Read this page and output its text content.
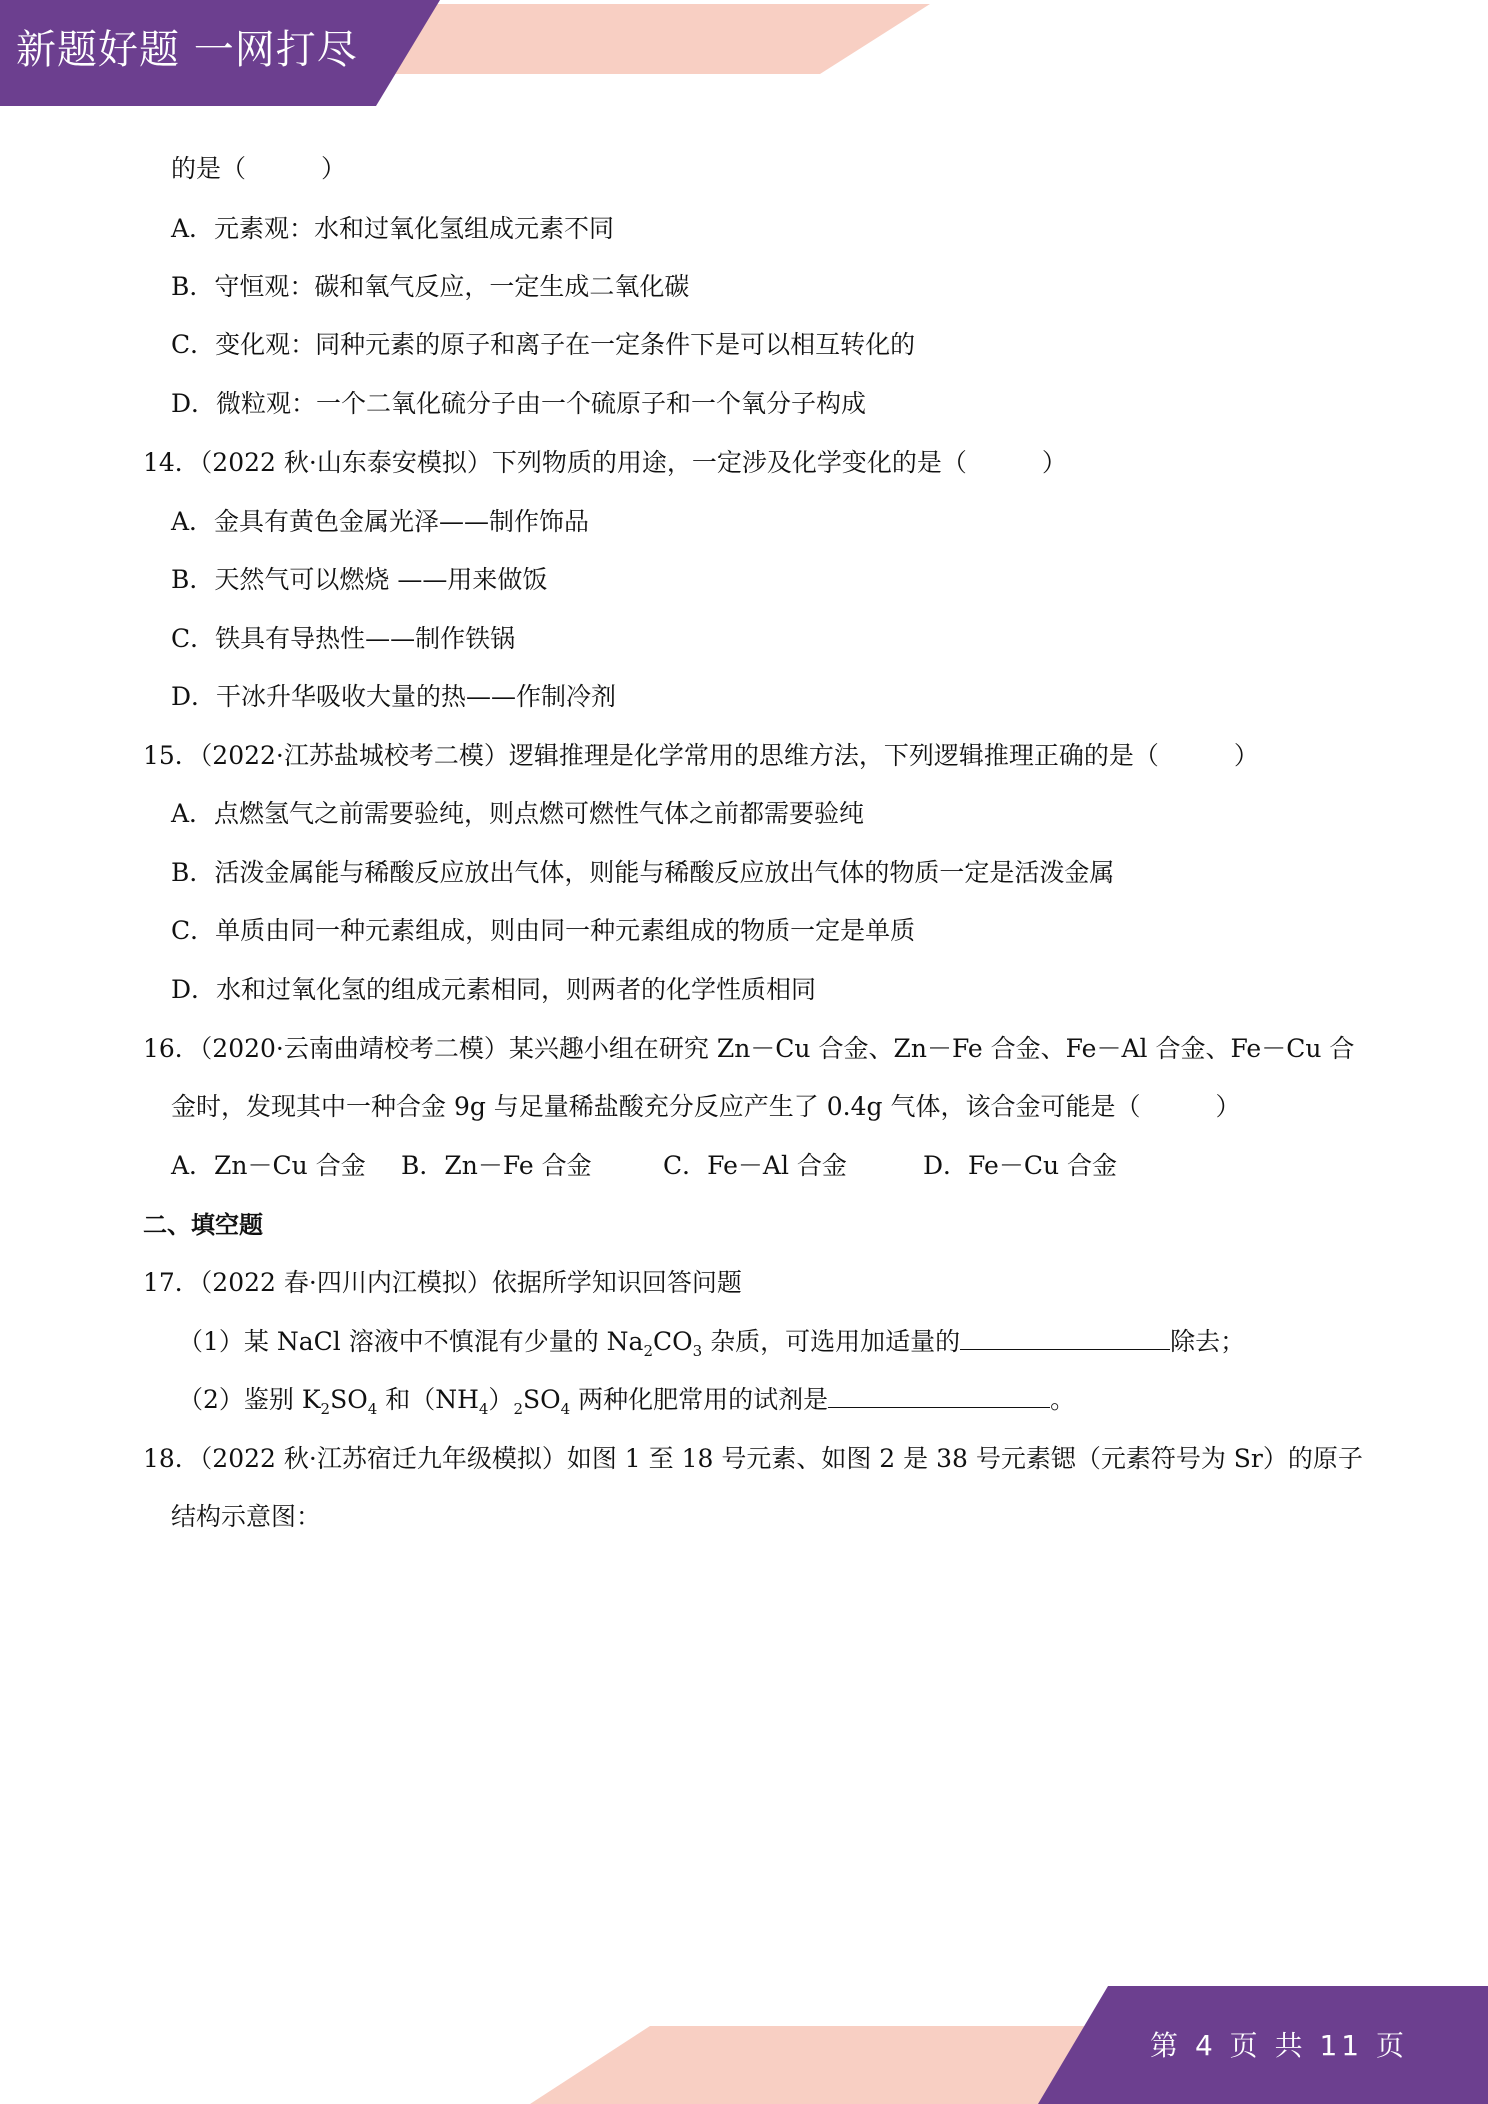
新题好题 一网打尽
的是（　　　）
A．元素观：水和过氧化氢组成元素不同
B．守恒观：碳和氧气反应，一定生成二氧化碳
C．变化观：同种元素的原子和离子在一定条件下是可以相互转化的
D．微粒观：一个二氧化硫分子由一个硫原子和一个氧分子构成
14．（2022 秋·山东泰安模拟）下列物质的用途，一定涉及化学变化的是（　　　）
A．金具有黄色金属光泽——制作饰品
B．天然气可以燃烧 ——用来做饭
C．铁具有导热性——制作铁锅
D．干冰升华吸收大量的热——作制冷剂
15．（2022·江苏盐城校考二模）逻辑推理是化学常用的思维方法，下列逻辑推理正确的是（　　　）
A．点燃氢气之前需要验纯，则点燃可燃性气体之前都需要验纯
B．活泼金属能与稀酸反应放出气体，则能与稀酸反应放出气体的物质一定是活泼金属
C．单质由同一种元素组成，则由同一种元素组成的物质一定是单质
D．水和过氧化氢的组成元素相同，则两者的化学性质相同
16．（2020·云南曲靖校考二模）某兴趣小组在研究 Zn－Cu 合金、Zn－Fe 合金、Fe－Al 合金、Fe－Cu 合
金时，发现其中一种合金 9g 与足量稀盐酸充分反应产生了 0.4g 气体，该合金可能是（　　　）
A．Zn－Cu 合金 B．Zn－Fe 合金	C．Fe－Al 合金	D．Fe－Cu 合金
二、填空题
17．（2022 春·四川内江模拟）依据所学知识回答问题
（1）某 NaCl 溶液中不慎混有少量的 $Na_2CO_3$ 杂质，可选用加适量的	除去；
（2）鉴别 $K_2SO_4$ 和$(NH_4)_2SO_4$ 两种化肥常用的试剂是	。
18．（2022 秋·江苏宿迁九年级模拟）如图 1 至 18 号元素、如图 2 是 38 号元素锶（元素符号为 Sr）的原子
结构示意图：
第 4 页 共 11 页
